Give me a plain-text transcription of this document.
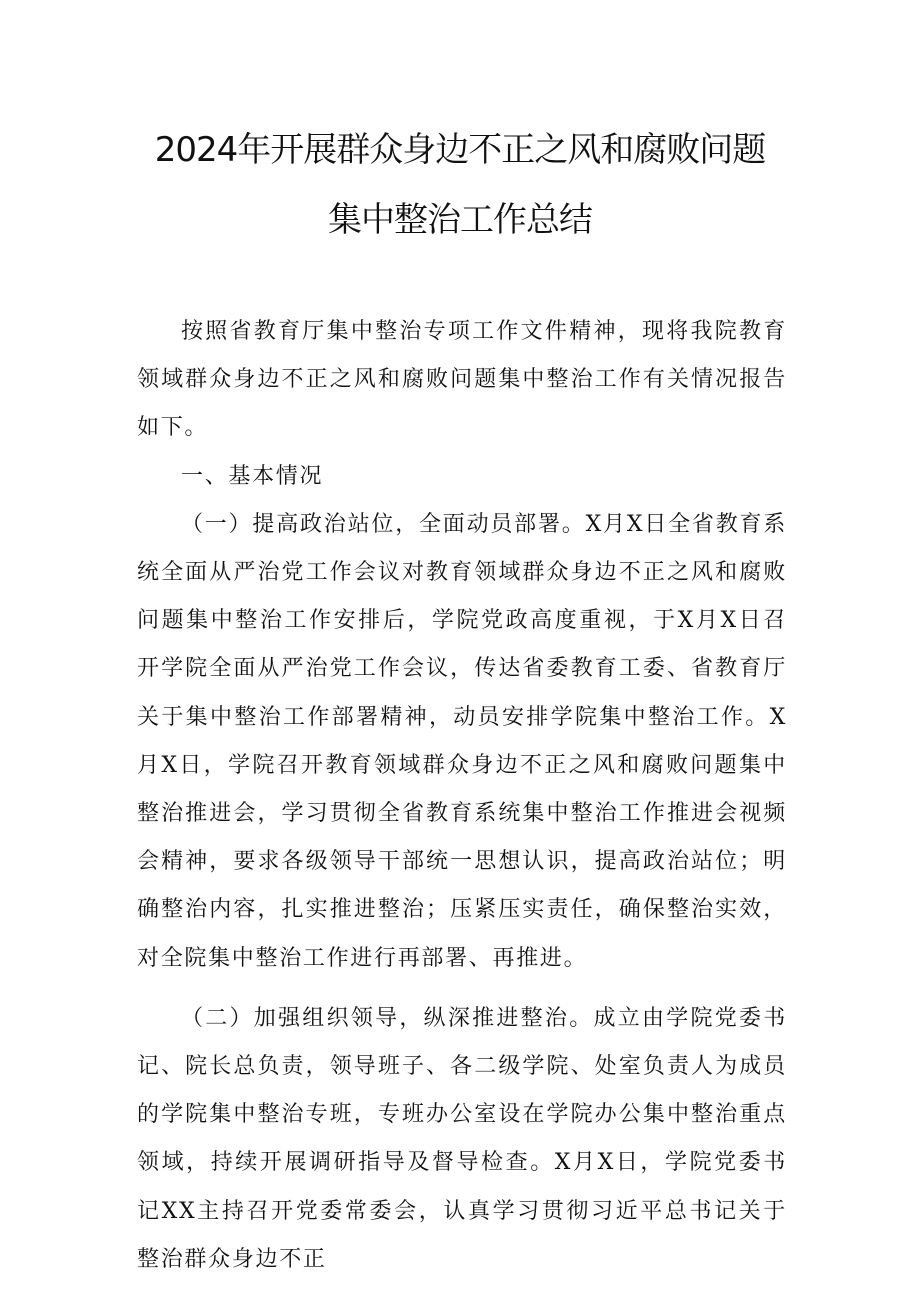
2024年开展群众身边不正之风和腐败问题
集中整治工作总结

按照省教育厅集中整治专项工作文件精神，现将我院教育领域群众身边不正之风和腐败问题集中整治工作有关情况报告如下。

一、基本情况

（一）提高政治站位，全面动员部署。X月X日全省教育系统全面从严治党工作会议对教育领域群众身边不正之风和腐败问题集中整治工作安排后，学院党政高度重视，于X月X日召开学院全面从严治党工作会议，传达省委教育工委、省教育厅关于集中整治工作部署精神，动员安排学院集中整治工作。X月X日，学院召开教育领域群众身边不正之风和腐败问题集中整治推进会，学习贯彻全省教育系统集中整治工作推进会视频会精神，要求各级领导干部统一思想认识，提高政治站位；明确整治内容，扎实推进整治；压紧压实责任，确保整治实效，对全院集中整治工作进行再部署、再推进。

（二）加强组织领导，纵深推进整治。成立由学院党委书记、院长总负责，领导班子、各二级学院、处室负责人为成员的学院集中整治专班，专班办公室设在学院办公集中整治重点领域，持续开展调研指导及督导检查。X月X日，学院党委书记XX主持召开党委常委会，认真学习贯彻习近平总书记关于整治群众身边不正
